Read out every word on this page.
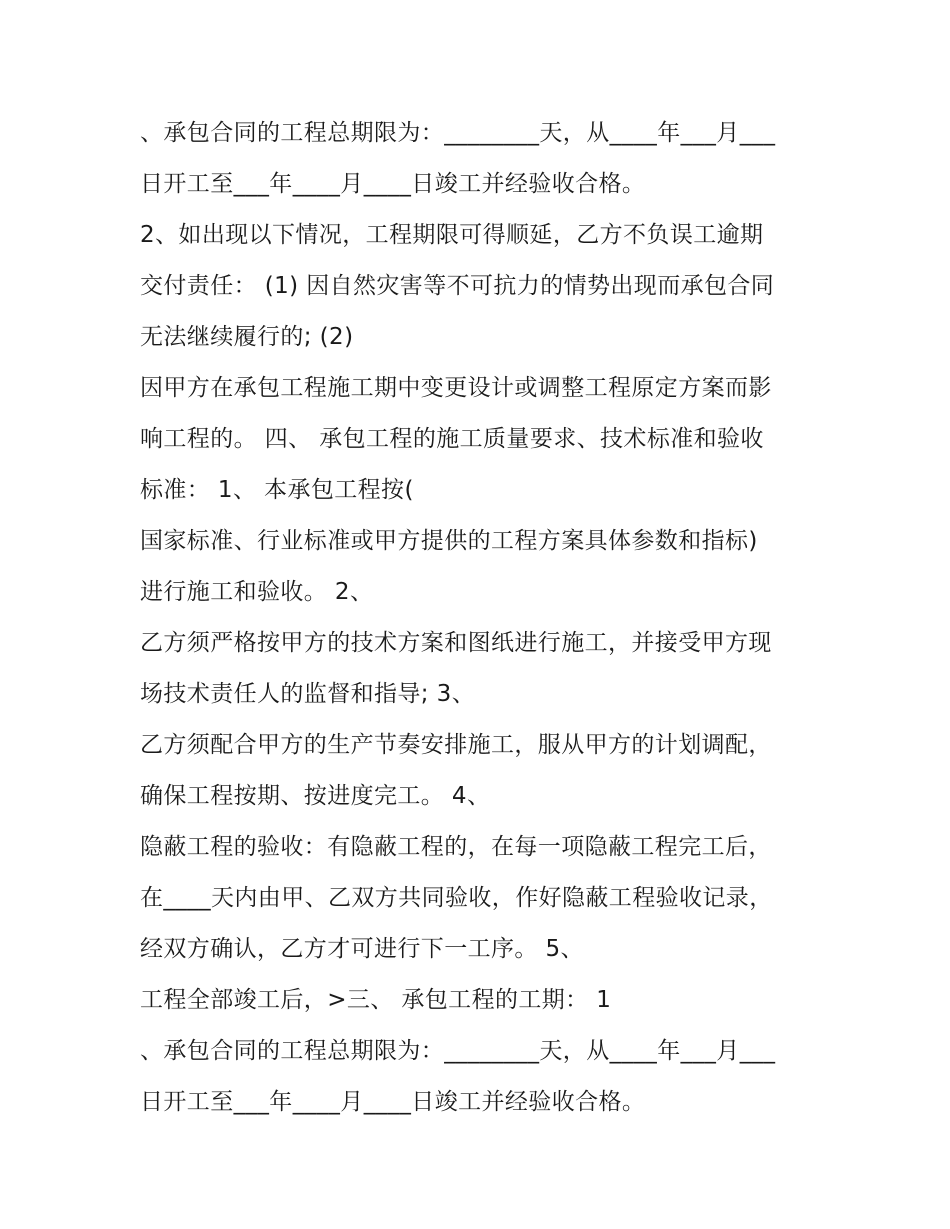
、承包合同的工程总期限为：________天，从____年___月___
日开工至___年____月____日竣工并经验收合格。
2、如出现以下情况，工程期限可得顺延，乙方不负误工逾期
交付责任： (1) 因自然灾害等不可抗力的情势出现而承包合同
无法继续履行的; (2)
因甲方在承包工程施工期中变更设计或调整工程原定方案而影
响工程的。 四、 承包工程的施工质量要求、技术标准和验收
标准： 1、 本承包工程按(
国家标准、行业标准或甲方提供的工程方案具体参数和指标)
进行施工和验收。 2、
乙方须严格按甲方的技术方案和图纸进行施工，并接受甲方现
场技术责任人的监督和指导; 3、
乙方须配合甲方的生产节奏安排施工，服从甲方的计划调配，
确保工程按期、按进度完工。 4、
隐蔽工程的验收：有隐蔽工程的，在每一项隐蔽工程完工后，
在____天内由甲、乙双方共同验收，作好隐蔽工程验收记录，
经双方确认，乙方才可进行下一工序。 5、
工程全部竣工后，>三、 承包工程的工期： 1
、承包合同的工程总期限为：________天，从____年___月___
日开工至___年____月____日竣工并经验收合格。
